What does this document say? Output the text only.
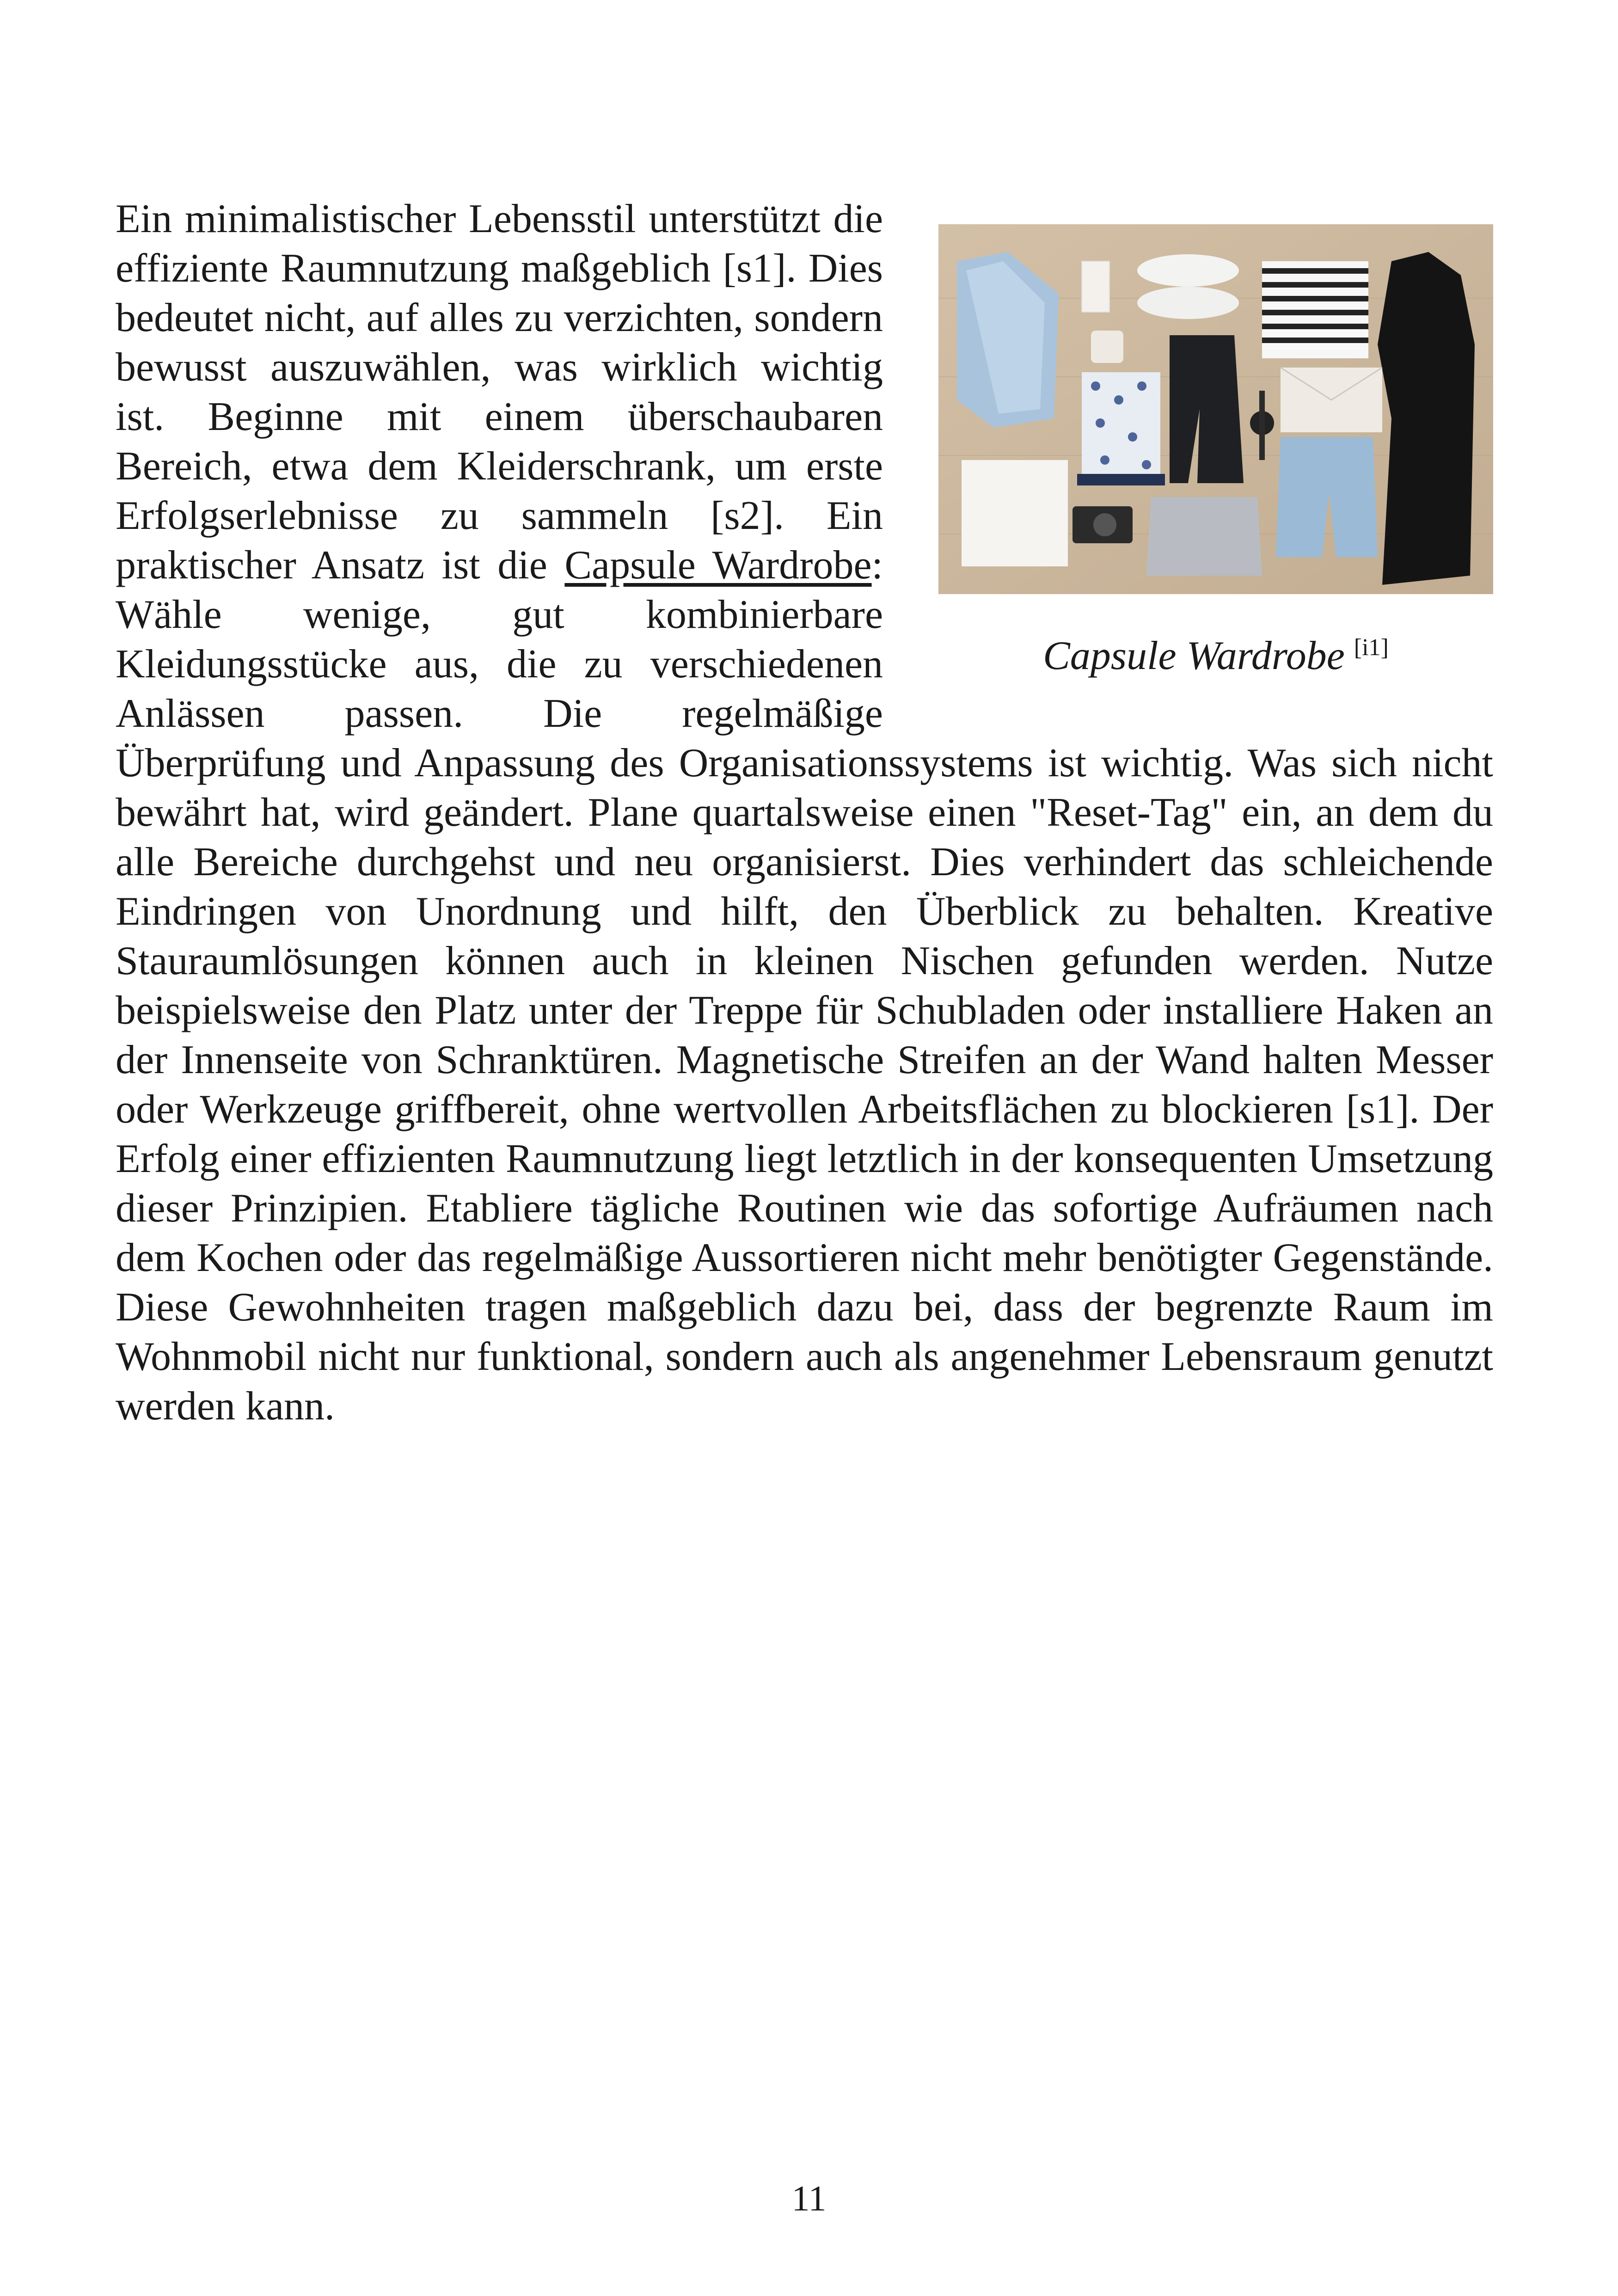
Capsule Wardrobe [i1]

Ein minimalistischer Lebensstil unterstützt die effiziente Raumnutzung maßgeblich [s1]. Dies bedeutet nicht, auf alles zu verzichten, sondern bewusst auszuwählen, was wirklich wichtig ist. Beginne mit einem überschaubaren Bereich, etwa dem Kleiderschrank, um erste Erfolgserlebnisse zu sammeln [s2]. Ein praktischer Ansatz ist die Capsule Wardrobe: Wähle wenige, gut kombinierbare Kleidungsstücke aus, die zu verschiedenen Anlässen passen. Die regelmäßige Überprüfung und Anpassung des Organisationssystems ist wichtig. Was sich nicht bewährt hat, wird geändert. Plane quartalsweise einen "Reset-Tag" ein, an dem du alle Bereiche durchgehst und neu organisierst. Dies verhindert das schleichende Eindringen von Unordnung und hilft, den Überblick zu behalten. Kreative Stauraumlösungen können auch in kleinen Nischen gefunden werden. Nutze beispielsweise den Platz unter der Treppe für Schubladen oder installiere Haken an der Innenseite von Schranktüren. Magnetische Streifen an der Wand halten Messer oder Werkzeuge griffbereit, ohne wertvollen Arbeitsflächen zu blockieren [s1]. Der Erfolg einer effizienten Raumnutzung liegt letztlich in der konsequenten Umsetzung dieser Prinzipien. Etabliere tägliche Routinen wie das sofortige Aufräumen nach dem Kochen oder das regelmäßige Aussortieren nicht mehr benötigter Gegenstände. Diese Gewohnheiten tragen maßgeblich dazu bei, dass der begrenzte Raum im Wohnmobil nicht nur funktional, sondern auch als angenehmer Lebensraum genutzt werden kann.

11
